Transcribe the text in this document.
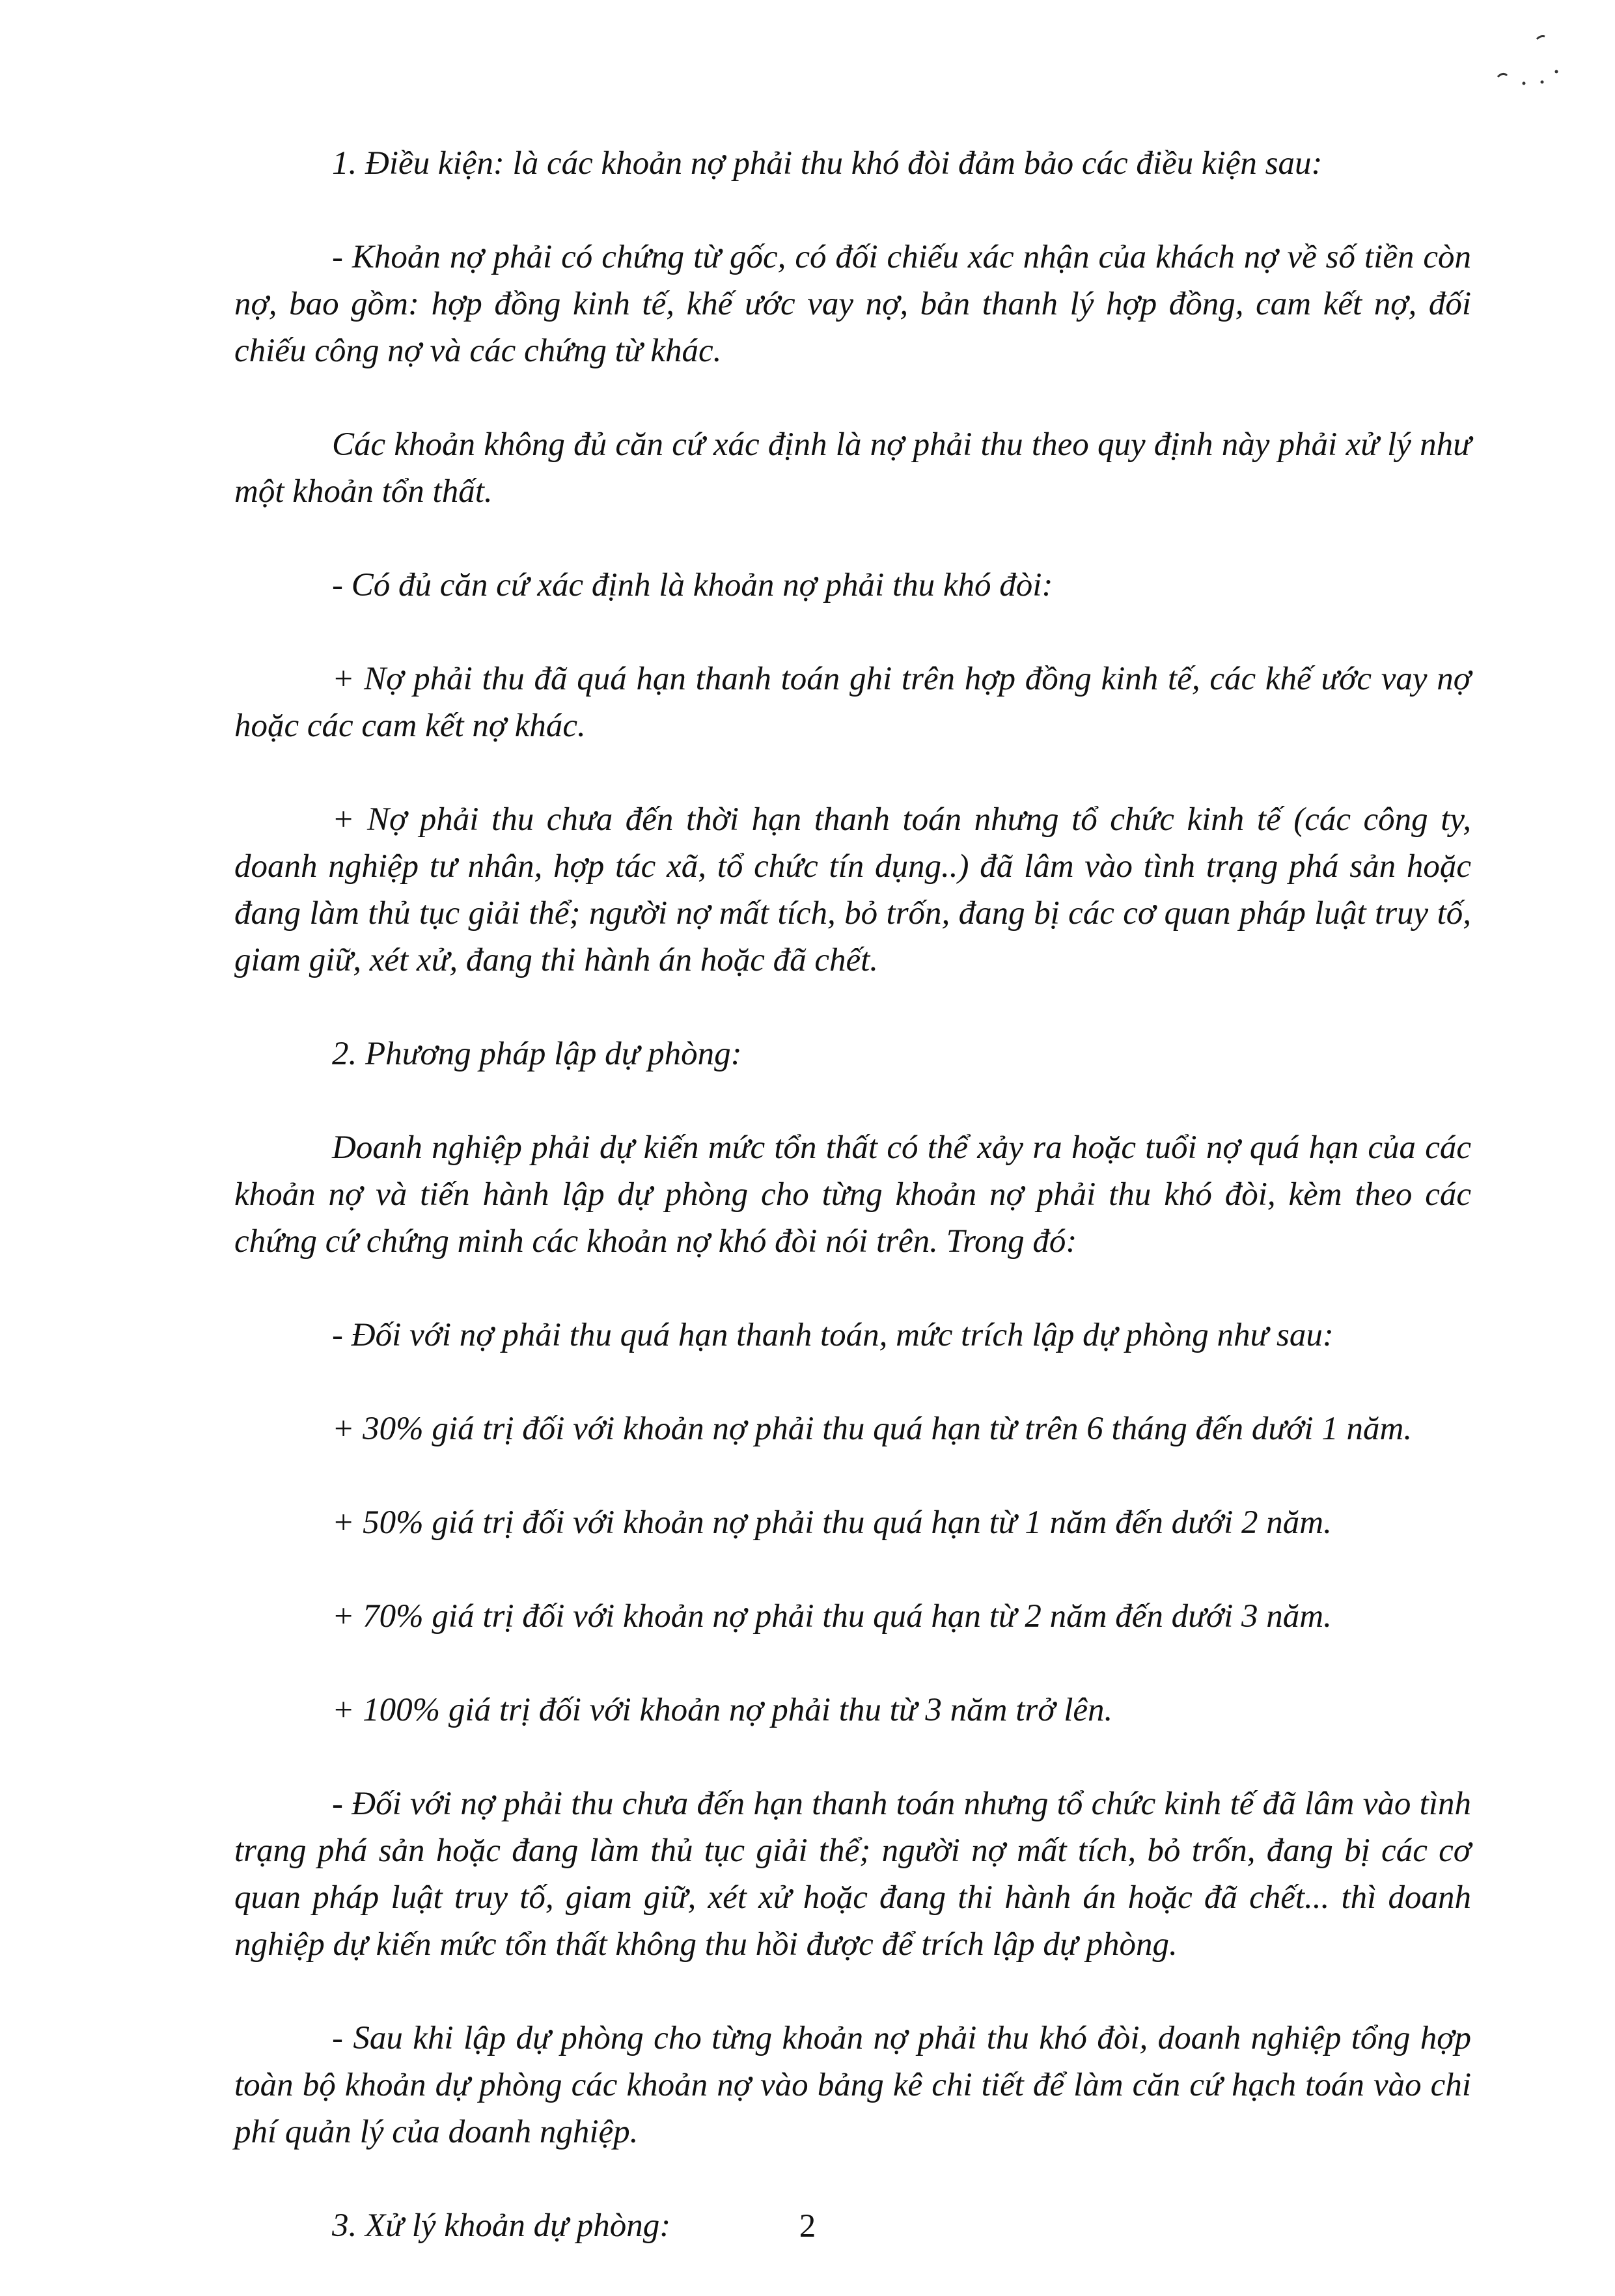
1. Điều kiện: là các khoản nợ phải thu khó đòi đảm bảo các điều kiện sau:

- Khoản nợ phải có chứng từ gốc, có đối chiếu xác nhận của khách nợ về số tiền còn nợ, bao gồm: hợp đồng kinh tế, khế ước vay nợ, bản thanh lý hợp đồng, cam kết nợ, đối chiếu công nợ và các chứng từ khác.

Các khoản không đủ căn cứ xác định là nợ phải thu theo quy định này phải xử lý như một khoản tổn thất.

- Có đủ căn cứ xác định là khoản nợ phải thu khó đòi:

+ Nợ phải thu đã quá hạn thanh toán ghi trên hợp đồng kinh tế, các khế ước vay nợ hoặc các cam kết nợ khác.

+ Nợ phải thu chưa đến thời hạn thanh toán nhưng tổ chức kinh tế (các công ty, doanh nghiệp tư nhân, hợp tác xã, tổ chức tín dụng..) đã lâm vào tình trạng phá sản hoặc đang làm thủ tục giải thể; người nợ mất tích, bỏ trốn, đang bị các cơ quan pháp luật truy tố, giam giữ, xét xử, đang thi hành án hoặc đã chết.

2. Phương pháp lập dự phòng:

Doanh nghiệp phải dự kiến mức tổn thất có thể xảy ra hoặc tuổi nợ quá hạn của các khoản nợ và tiến hành lập dự phòng cho từng khoản nợ phải thu khó đòi, kèm theo các chứng cứ chứng minh các khoản nợ khó đòi nói trên. Trong đó:

- Đối với nợ phải thu quá hạn thanh toán, mức trích lập dự phòng như sau:

+ 30% giá trị đối với khoản nợ phải thu quá hạn từ trên 6 tháng đến dưới 1 năm.

+ 50% giá trị đối với khoản nợ phải thu quá hạn từ 1 năm đến dưới 2 năm.

+ 70% giá trị đối với khoản nợ phải thu quá hạn từ 2 năm đến dưới 3 năm.

+ 100% giá trị đối với khoản nợ phải thu từ 3 năm trở lên.

- Đối với nợ phải thu chưa đến hạn thanh toán nhưng tổ chức kinh tế đã lâm vào tình trạng phá sản hoặc đang làm thủ tục giải thể; người nợ mất tích, bỏ trốn, đang bị các cơ quan pháp luật truy tố, giam giữ, xét xử hoặc đang thi hành án hoặc đã chết... thì doanh nghiệp dự kiến mức tổn thất không thu hồi được để trích lập dự phòng.

- Sau khi lập dự phòng cho từng khoản nợ phải thu khó đòi, doanh nghiệp tổng hợp toàn bộ khoản dự phòng các khoản nợ vào bảng kê chi tiết để làm căn cứ hạch toán vào chi phí quản lý của doanh nghiệp.

3. Xử lý khoản dự phòng:	2
